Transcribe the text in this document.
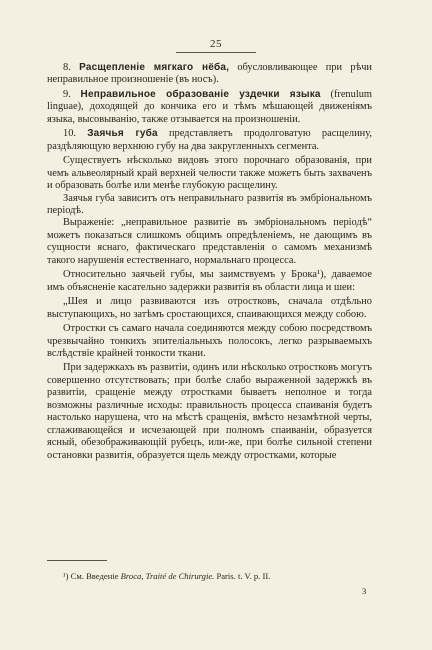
25

8. Расщепленіе мягкаго нёба, обусловливающее при рѣчи неправильное произношеніе (въ носъ).

9. Неправильное образованіе уздечки языка (frenulum linguae), доходящей до кончика его и тѣмъ мѣшающей движеніямъ языка, высовыванію, также отзывается на произношеніи.

10. Заячья губа представляетъ продолговатую расщелину, раздѣляющую верхнюю губу на два закругленныхъ сегмента.

Существуетъ нѣсколько видовъ этого порочнаго образованія, при чемъ альвеолярный край верхней челюсти также можетъ быть захваченъ и образовать болѣе или менѣе глубокую расщелину.

Заячья губа зависитъ отъ неправильнаго развитія въ эмбріональномъ періодѣ.

Выраженіе: „неправильное развитіе въ эмбріональномъ періодѣ“ можетъ показаться слишкомъ общимъ опредѣленіемъ, не дающимъ въ сущности яснаго, фактическаго представленія о самомъ механизмѣ такого нарушенія естественнаго, нормальнаго процесса.

Относительно заячьей губы, мы заимствуемъ у Брока¹), даваемое имъ объясненіе касательно задержки развитія въ области лица и шеи:

„Шея и лицо развиваются изъ отростковъ, сначала отдѣльно выступающихъ, но затѣмъ сростающихся, спаивающихся между собою.

Отростки съ самаго начала соединяются между собою посредствомъ чрезвычайно тонкихъ эпителіальныхъ полосокъ, легко разрываемыхъ вслѣдствіе крайней тонкости ткани.

При задержкахъ въ развитіи, одинъ или нѣсколько отростковъ могутъ совершенно отсутствовать; при болѣе слабо выраженной задержкѣ въ развитіи, сращеніе между отростками бываетъ неполное и тогда возможны различные исходы: правильность процесса спаиванія будетъ настолько нарушена, что на мѣстѣ сращенія, вмѣсто незамѣтной черты, сглаживающейся и исчезающей при полномъ спаиваніи, образуется ясный, обезображивающій рубецъ, или-же, при болѣе сильной степени остановки развитія, образуется щель между отростками, которые

¹) См. Введеніе Broca, Traité de Chirurgie. Paris. t. V. p. II.
3
